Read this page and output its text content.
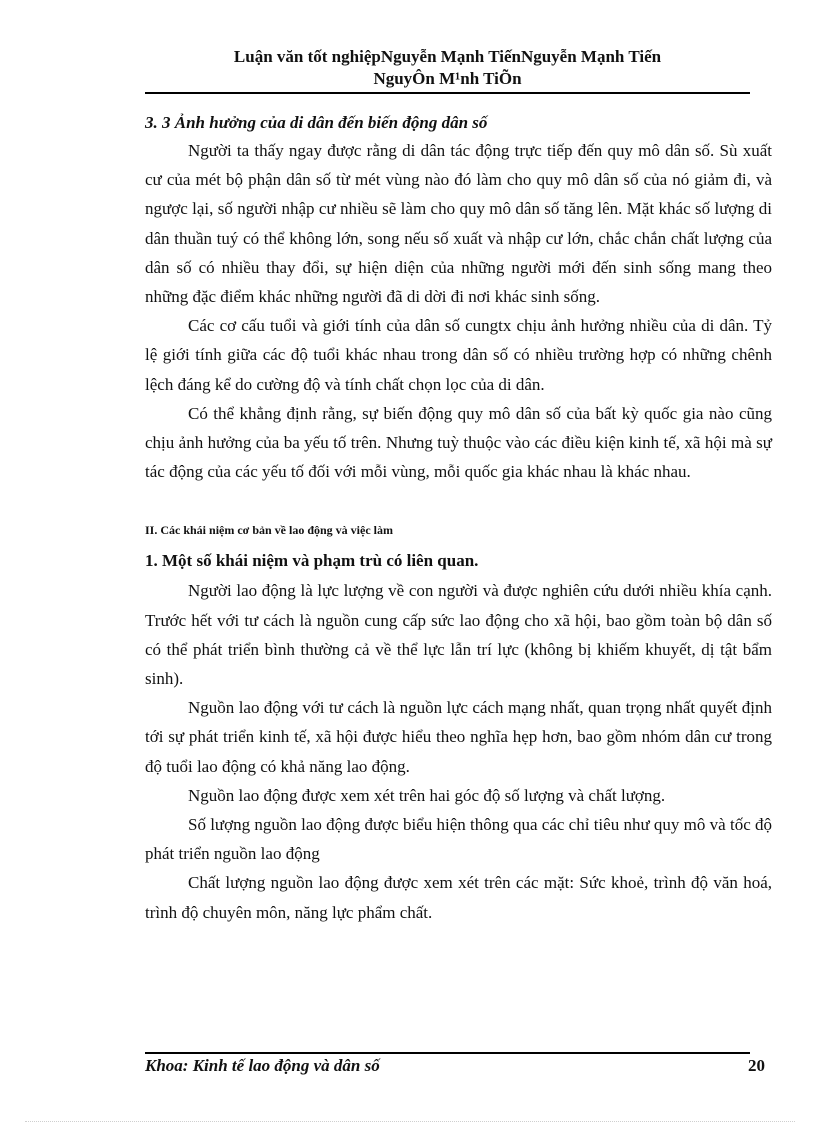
Luận văn tốt nghiệpNguyễn Mạnh TiếnNguyễn Mạnh Tiến
NguyÔn M¹nh TiÕn
3. 3 Ảnh hưởng của di dân đến biến động dân số

Người ta thấy ngay được rằng di dân tác động trực tiếp đến quy mô dân số. Sù xuất cư của mét bộ phận dân số từ mét vùng nào đó làm cho quy mô dân số của nó giảm đi, và ngược lại, số người nhập cư nhiều sẽ làm cho quy mô dân số tăng lên. Mặt khác số lượng di dân thuần tuý có thể không lớn, song nếu số xuất và nhập cư lớn, chắc chắn chất lượng của dân số có nhiều thay đổi, sự hiện diện của những người mới đến sinh sống mang theo những đặc điểm khác những người đã di dời đi nơi khác sinh sống.

Các cơ cấu tuổi và giới tính của dân số cungtx chịu ảnh hưởng nhiều của di dân. Tỷ lệ giới tính giữa các độ tuổi khác nhau trong dân số có nhiều trường hợp có những chênh lệch đáng kể do cường độ và tính chất chọn lọc của di dân.

Có thể khẳng định rằng, sự biến động quy mô dân số của bất kỳ quốc gia nào cũng chịu ảnh hưởng của ba yếu tố trên. Nhưng tuỳ thuộc vào các điều kiện kinh tế, xã hội mà sự tác động của các yếu tố đối với mỗi vùng, mỗi quốc gia khác nhau là khác nhau.

II. Các khái niệm cơ bản về lao động và việc làm
1. Một số khái niệm và phạm trù có liên quan.

Người lao động là lực lượng về con người và được nghiên cứu dưới nhiều khía cạnh. Trước hết với tư cách là nguồn cung cấp sức lao động cho xã hội, bao gồm toàn bộ dân số có thể phát triển bình thường cả về thể lực lẫn trí lực (không bị khiếm khuyết, dị tật bẩm sinh).

Nguồn lao động với tư cách là nguồn lực cách mạng nhất, quan trọng nhất quyết định tới sự phát triển kinh tế, xã hội được hiểu theo nghĩa hẹp hơn, bao gồm nhóm dân cư trong độ tuổi lao động có khả năng lao động.

Nguồn lao động được xem xét trên hai góc độ số lượng và chất lượng.

Số lượng nguồn lao động được biểu hiện thông qua các chỉ tiêu như quy mô và tốc độ phát triển nguồn lao động

Chất lượng nguồn lao động được xem xét trên các mặt: Sức khoẻ, trình độ văn hoá, trình độ chuyên môn, năng lực phẩm chất.

Khoa: Kinh tế lao động và dân số	20
